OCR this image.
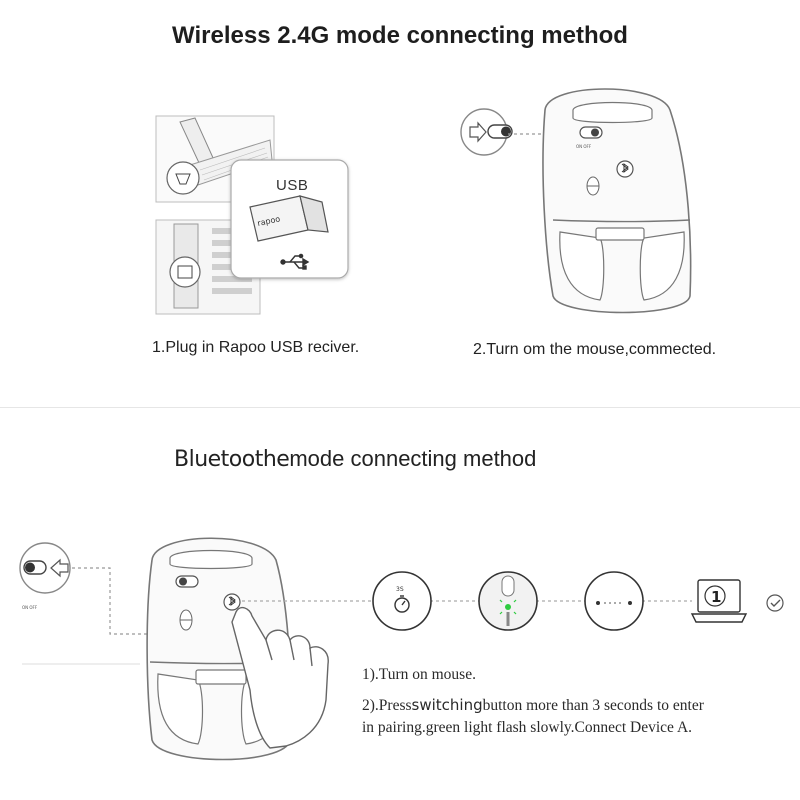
Wireless 2.4G mode connecting method
1.Plug in Rapoo USB reciver.	2.Turn om the mouse,commected.
Bluetoothemode connecting method
1).Turn on mouse.
2).Pressswitchingbutton more than 3 seconds to enter
in pairing.green light flash slowly.Connect Device A.
rapoo
ON OFF
ON OFF
USB
3S	1
